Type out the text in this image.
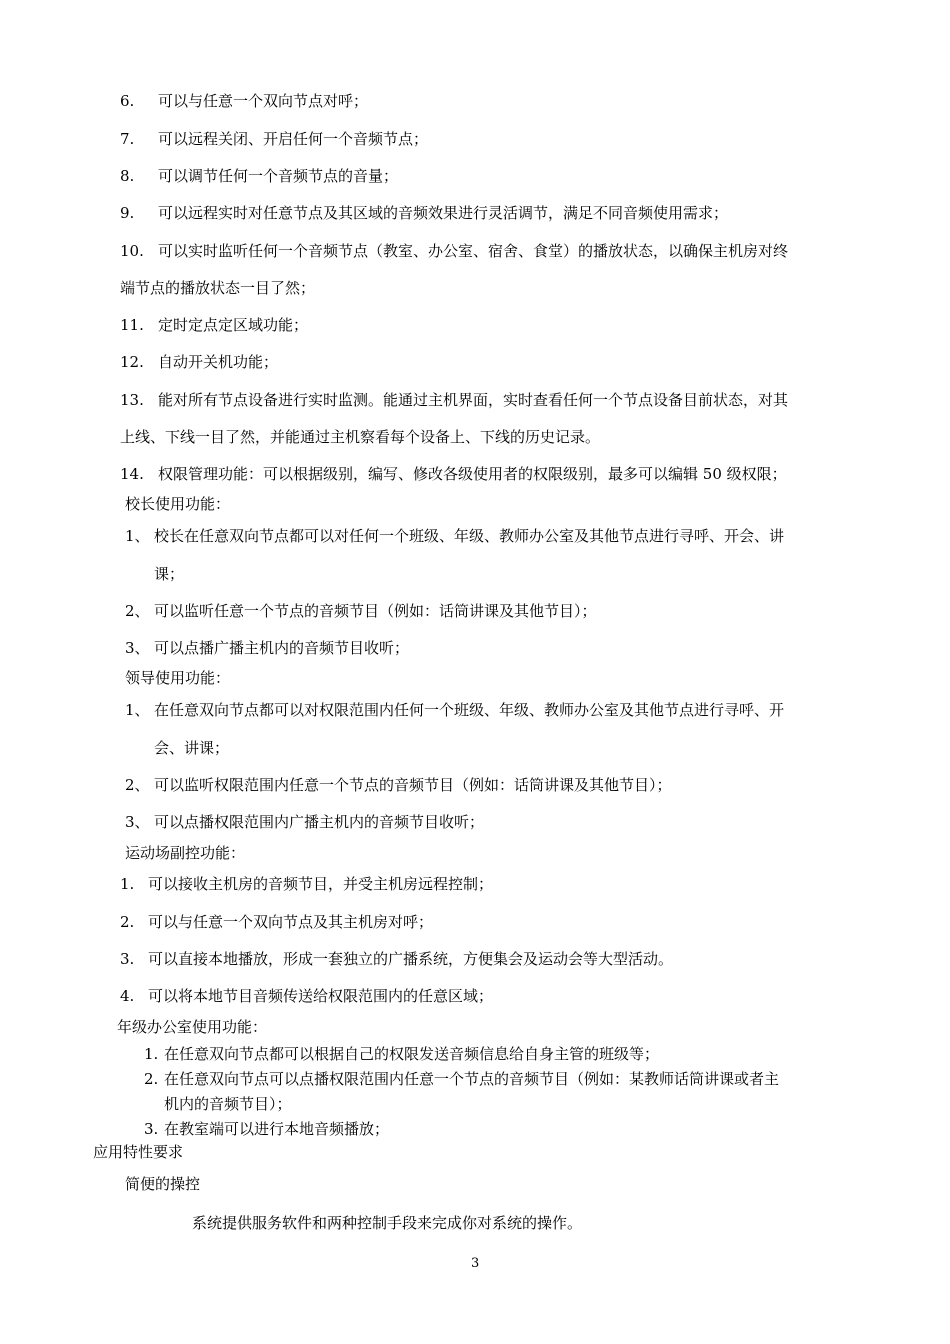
6. 可以与任意一个双向节点对呼；
7. 可以远程关闭、开启任何一个音频节点；
8. 可以调节任何一个音频节点的音量；
9. 可以远程实时对任意节点及其区域的音频效果进行灵活调节，满足不同音频使用需求；
10. 可以实时监听任何一个音频节点（教室、办公室、宿舍、食堂）的播放状态，以确保主机房对终
端节点的播放状态一目了然；
11. 定时定点定区域功能；
12. 自动开关机功能；
13. 能对所有节点设备进行实时监测。能通过主机界面，实时查看任何一个节点设备目前状态，对其
上线、下线一目了然，并能通过主机察看每个设备上、下线的历史记录。
14. 权限管理功能：可以根据级别，编写、修改各级使用者的权限级别，最多可以编辑 50 级权限；
校长使用功能：
1、 校长在任意双向节点都可以对任何一个班级、年级、教师办公室及其他节点进行寻呼、开会、讲
课；
2、 可以监听任意一个节点的音频节目（例如：话筒讲课及其他节目）；
3、 可以点播广播主机内的音频节目收听；
领导使用功能：
1、 在任意双向节点都可以对权限范围内任何一个班级、年级、教师办公室及其他节点进行寻呼、开
会、讲课；
2、 可以监听权限范围内任意一个节点的音频节目（例如：话筒讲课及其他节目）；
3、 可以点播权限范围内广播主机内的音频节目收听；
运动场副控功能：
1. 可以接收主机房的音频节目，并受主机房远程控制；
2. 可以与任意一个双向节点及其主机房对呼；
3. 可以直接本地播放，形成一套独立的广播系统，方便集会及运动会等大型活动。
4. 可以将本地节目音频传送给权限范围内的任意区域；
年级办公室使用功能：
1. 在任意双向节点都可以根据自己的权限发送音频信息给自身主管的班级等；
2. 在任意双向节点可以点播权限范围内任意一个节点的音频节目（例如：某教师话筒讲课或者主
机内的音频节目）；
3. 在教室端可以进行本地音频播放；
应用特性要求
简便的操控
系统提供服务软件和两种控制手段来完成你对系统的操作。
3
